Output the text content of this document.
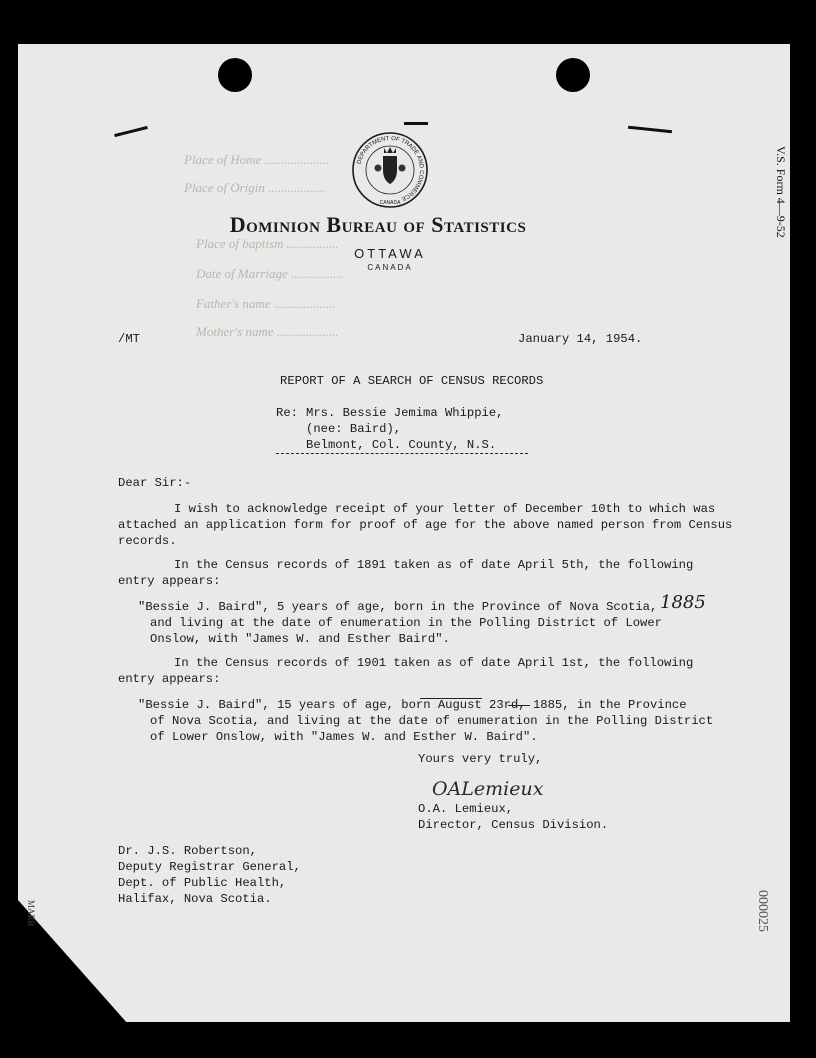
Place of Home ....................
Place of Origin ..................
Place of baptism ................
Date of Marriage ................
Father's name ...................
Mother's name ...................
V.S. Form 4—9-52
000025
MARR
DEPARTMENT OF TRADE AND COMMERCE
CANADA
Dominion Bureau of Statistics
OTTAWA
CANADA
/MT	January 14, 1954.
REPORT OF A SEARCH OF CENSUS RECORDS
Re: Mrs. Bessie Jemima Whippie,
(nee: Baird),
Belmont, Col. County, N.S.
Dear Sir:-
I wish to acknowledge receipt of your letter of December 10th to which was
attached an application form for proof of age for the above named person from Census
records.
In the Census records of 1891 taken as of date April 5th, the following
entry appears:
"Bessie J. Baird", 5 years of age, born in the Province of Nova Scotia,
and living at the date of enumeration in the Polling District of Lower
Onslow, with "James W. and Esther Baird".
1885
In the Census records of 1901 taken as of date April 1st, the following
entry appears:
"Bessie J. Baird", 15 years of age, born August 23rd, 1885, in the Province
of Nova Scotia, and living at the date of enumeration in the Polling District
of Lower Onslow, with "James W. and Esther W. Baird".
Yours very truly,
OALemieux
O.A. Lemieux,
Director, Census Division.
Dr. J.S. Robertson,
Deputy Registrar General,
Dept. of Public Health,
Halifax, Nova Scotia.
